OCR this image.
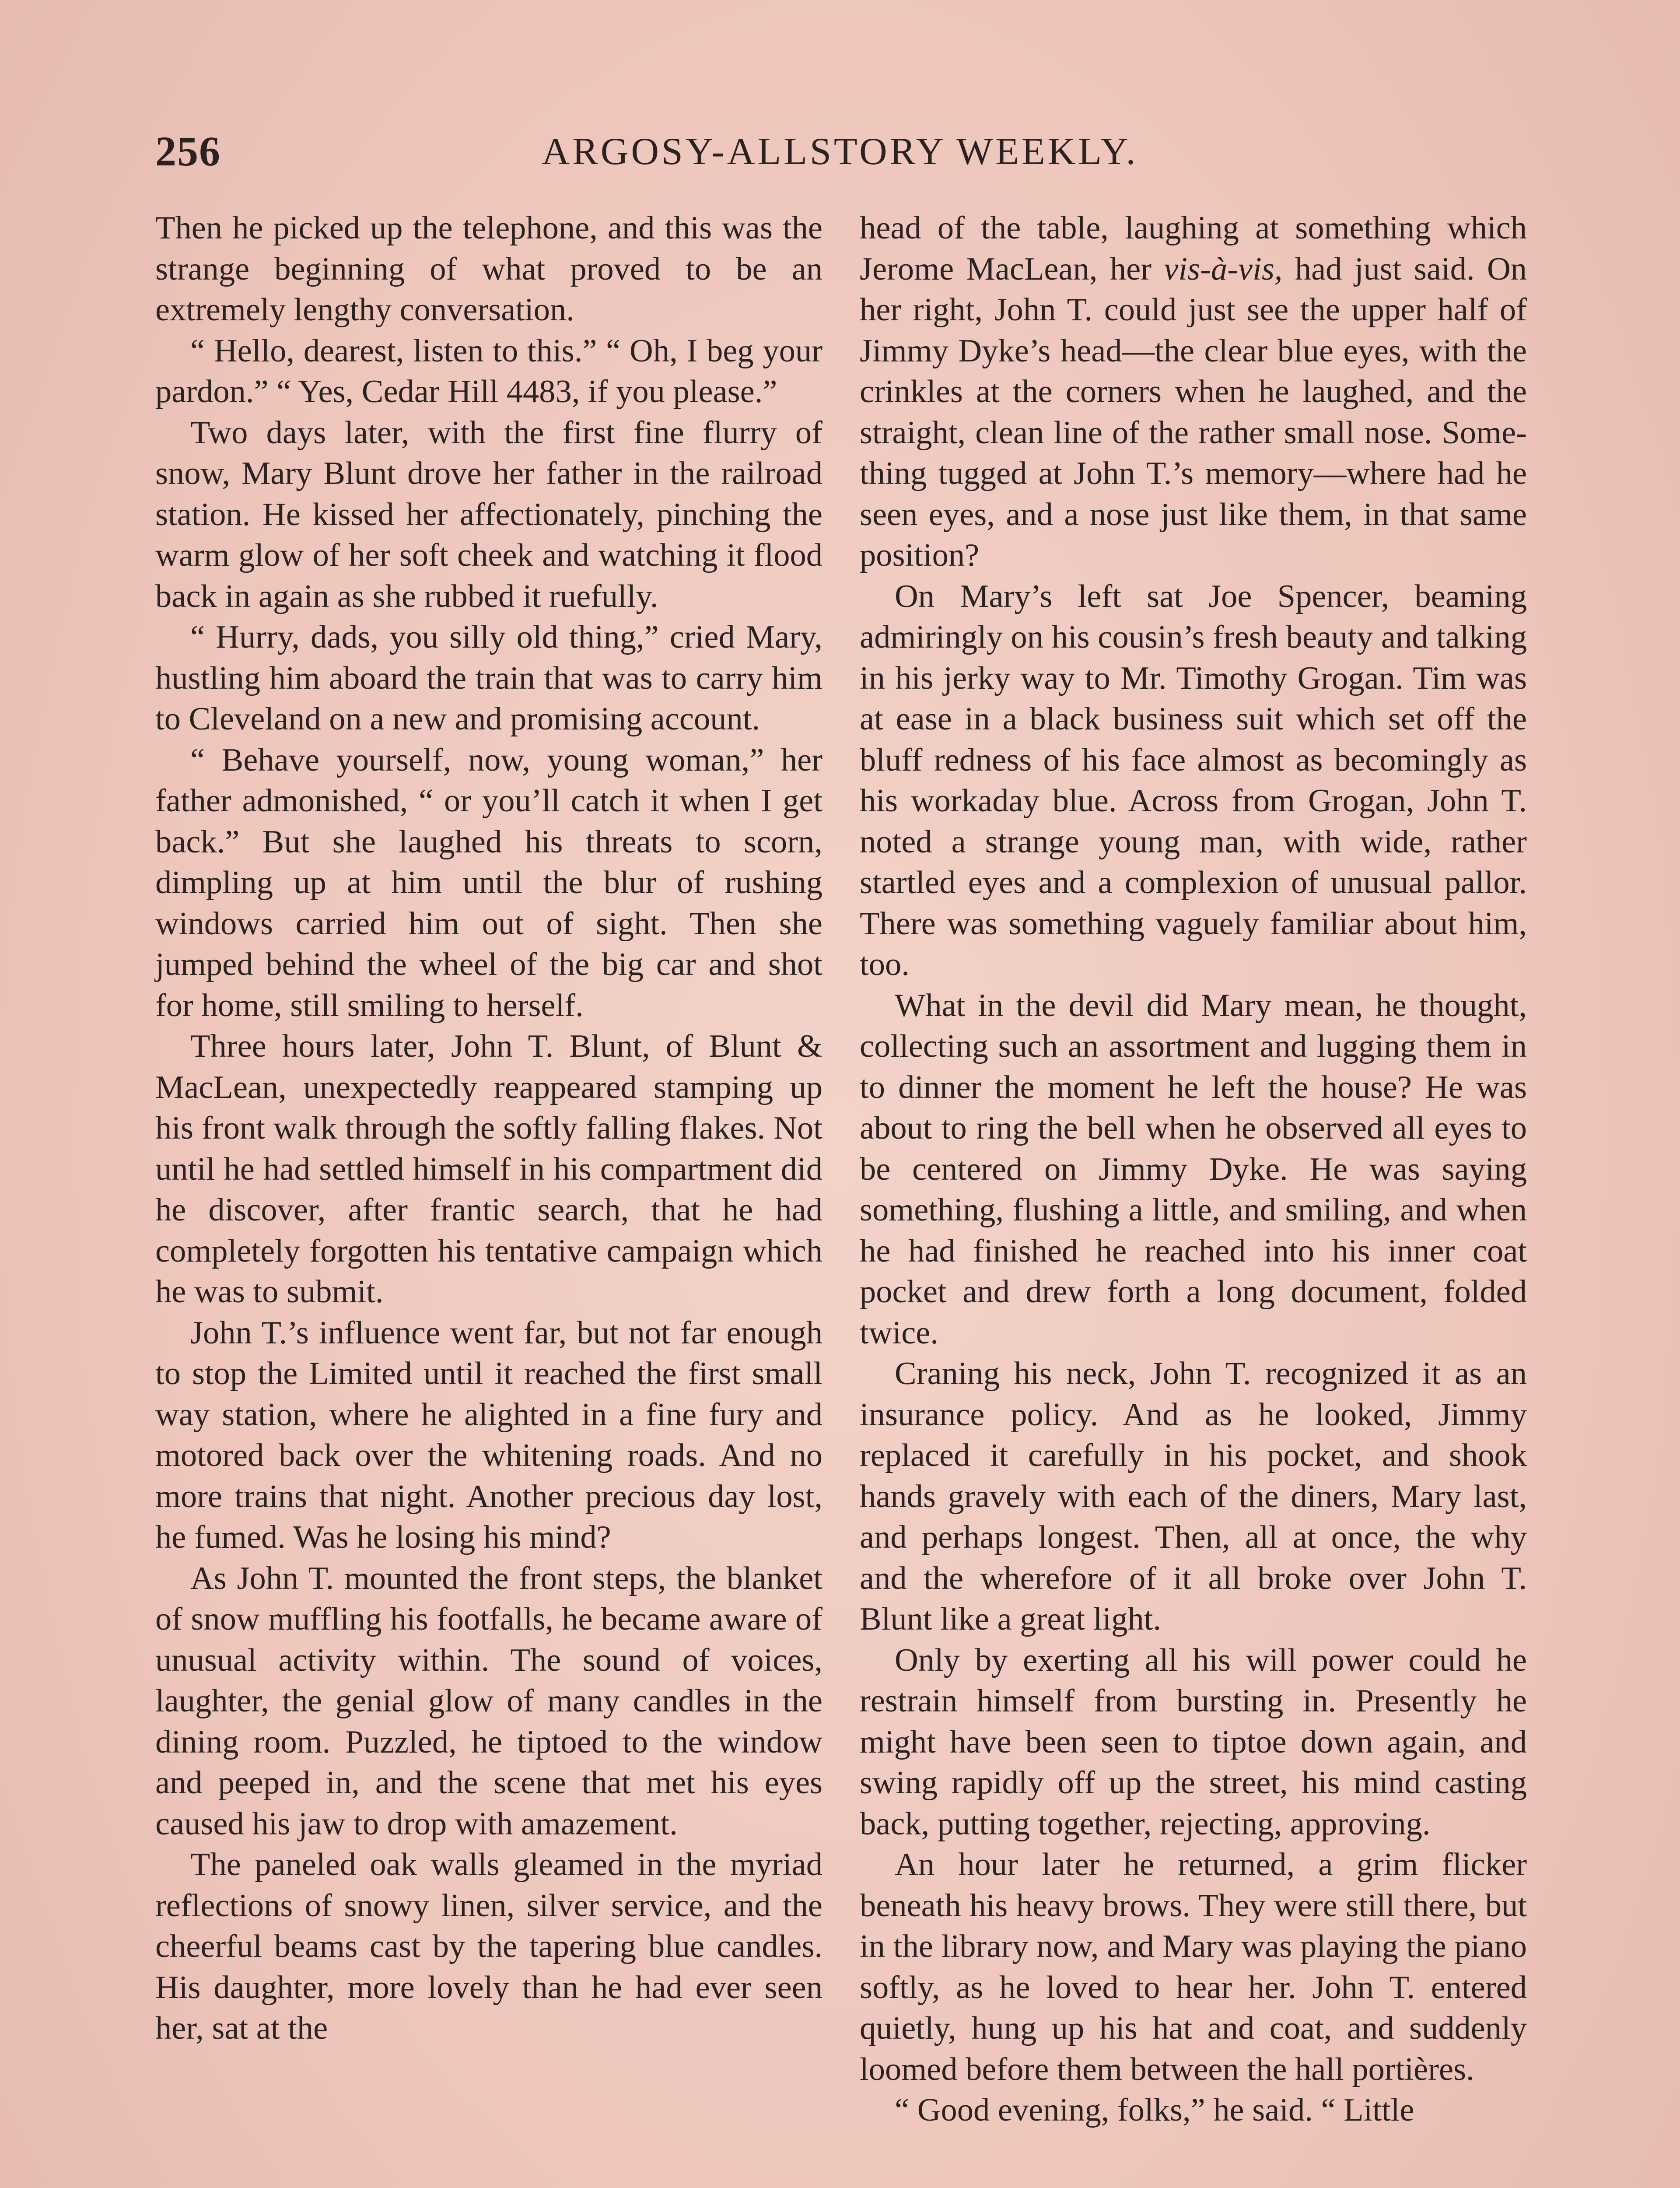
256	ARGOSY-ALLSTORY WEEKLY.

Then he picked up the telephone, and this was the strange beginning of what proved to be an extremely lengthy conversation.

“ Hello, dearest, listen to this.” “ Oh, I beg your pardon.” “ Yes, Cedar Hill 4483, if you please.”

Two days later, with the first fine flurry of snow, Mary Blunt drove her father in the railroad station. He kissed her affectionately, pinching the warm glow of her soft cheek and watching it flood back in again as she rubbed it ruefully.

“ Hurry, dads, you silly old thing,” cried Mary, hustling him aboard the train that was to carry him to Cleveland on a new and promising account.

“ Behave yourself, now, young woman,” her father admonished, “ or you’ll catch it when I get back.” But she laughed his threats to scorn, dimpling up at him until the blur of rushing windows carried him out of sight. Then she jumped behind the wheel of the big car and shot for home, still smiling to herself.

Three hours later, John T. Blunt, of Blunt & MacLean, unexpectedly reappeared stamping up his front walk through the softly falling flakes. Not until he had settled himself in his compartment did he discover, after frantic search, that he had completely forgotten his tentative campaign which he was to submit.

John T.’s influence went far, but not far enough to stop the Limited until it reached the first small way station, where he alighted in a fine fury and motored back over the whitening roads. And no more trains that night. Another precious day lost, he fumed. Was he losing his mind?

As John T. mounted the front steps, the blanket of snow muffling his footfalls, he became aware of unusual activity within. The sound of voices, laughter, the genial glow of many candles in the dining room. Puzzled, he tiptoed to the window and peeped in, and the scene that met his eyes caused his jaw to drop with amazement.

The paneled oak walls gleamed in the myriad reflections of snowy linen, silver service, and the cheerful beams cast by the tapering blue candles. His daughter, more lovely than he had ever seen her, sat at the

head of the table, laughing at something which Jerome MacLean, her vis-à-vis, had just said. On her right, John T. could just see the upper half of Jimmy Dyke’s head—the clear blue eyes, with the crinkles at the corners when he laughed, and the straight, clean line of the rather small nose. Something tugged at John T.’s memory—where had he seen eyes, and a nose just like them, in that same position?

On Mary’s left sat Joe Spencer, beaming admiringly on his cousin’s fresh beauty and talking in his jerky way to Mr. Timothy Grogan. Tim was at ease in a black business suit which set off the bluff redness of his face almost as becomingly as his workaday blue. Across from Grogan, John T. noted a strange young man, with wide, rather startled eyes and a complexion of unusual pallor. There was something vaguely familiar about him, too.

What in the devil did Mary mean, he thought, collecting such an assortment and lugging them in to dinner the moment he left the house? He was about to ring the bell when he observed all eyes to be centered on Jimmy Dyke. He was saying something, flushing a little, and smiling, and when he had finished he reached into his inner coat pocket and drew forth a long document, folded twice.

Craning his neck, John T. recognized it as an insurance policy. And as he looked, Jimmy replaced it carefully in his pocket, and shook hands gravely with each of the diners, Mary last, and perhaps longest. Then, all at once, the why and the wherefore of it all broke over John T. Blunt like a great light.

Only by exerting all his will power could he restrain himself from bursting in. Presently he might have been seen to tiptoe down again, and swing rapidly off up the street, his mind casting back, putting together, rejecting, approving.

An hour later he returned, a grim flicker beneath his heavy brows. They were still there, but in the library now, and Mary was playing the piano softly, as he loved to hear her. John T. entered quietly, hung up his hat and coat, and suddenly loomed before them between the hall portières.

“ Good evening, folks,” he said. “ Little
